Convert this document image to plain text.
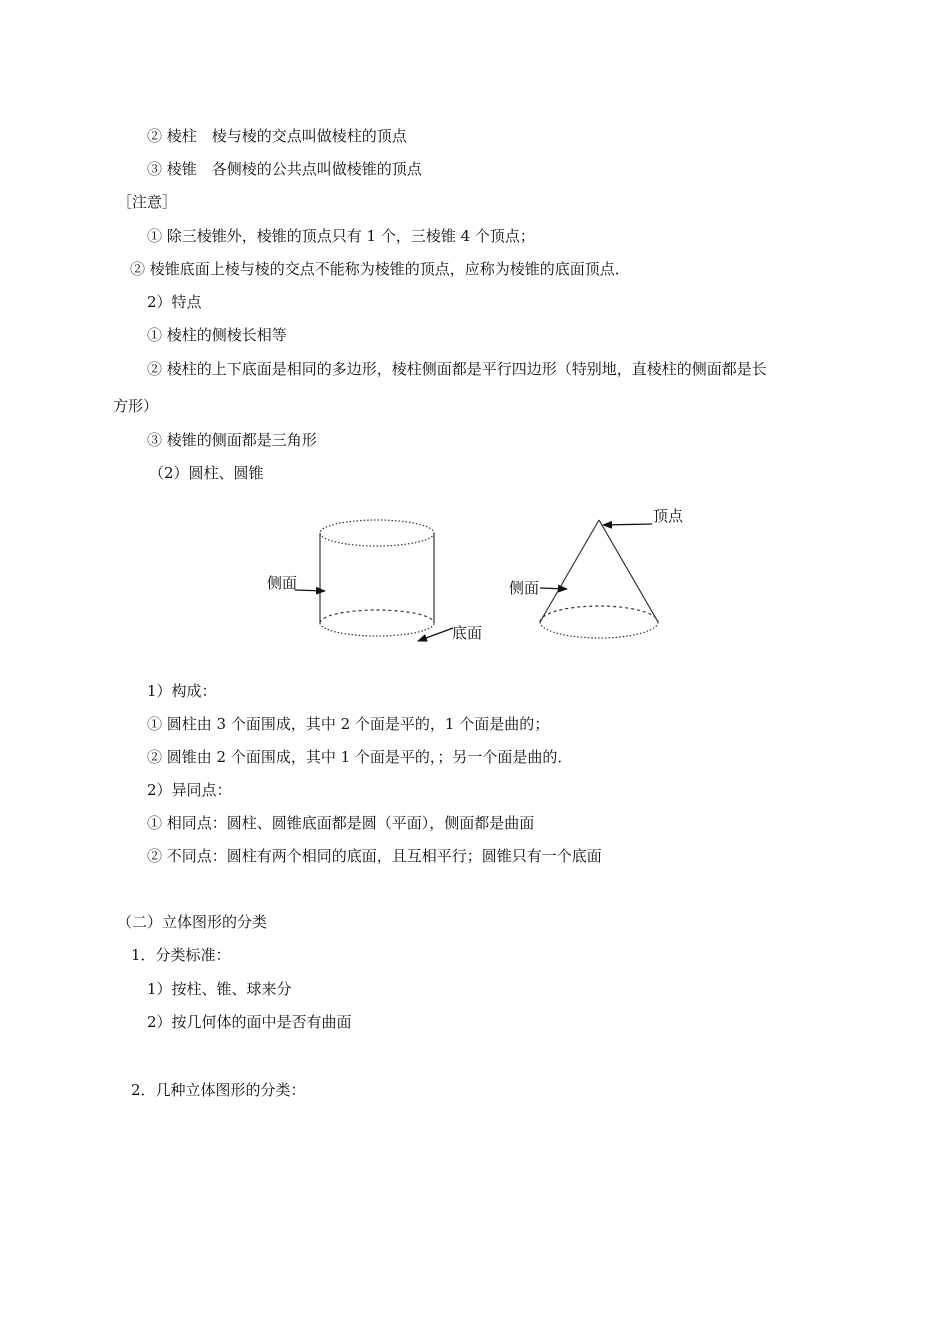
② 棱柱　棱与棱的交点叫做棱柱的顶点
③ 棱锥　各侧棱的公共点叫做棱锥的顶点
［注意］
① 除三棱锥外，棱锥的顶点只有 1 个，三棱锥 4 个顶点；
② 棱锥底面上棱与棱的交点不能称为棱锥的顶点，应称为棱锥的底面顶点．
2）特点
① 棱柱的侧棱长相等
② 棱柱的上下底面是相同的多边形，棱柱侧面都是平行四边形（特别地，直棱柱的侧面都是长
方形）
③ 棱锥的侧面都是三角形
（2）圆柱、圆锥
侧面
底面
侧面
顶点
1）构成：
① 圆柱由 3 个面围成，其中 2 个面是平的，1 个面是曲的；
② 圆锥由 2 个面围成，其中 1 个面是平的，；另一个面是曲的．
2）异同点：
① 相同点：圆柱、圆锥底面都是圆（平面），侧面都是曲面
② 不同点：圆柱有两个相同的底面，且互相平行；圆锥只有一个底面
（二）立体图形的分类
1．分类标准：
1）按柱、锥、球来分
2）按几何体的面中是否有曲面
2．几种立体图形的分类：
